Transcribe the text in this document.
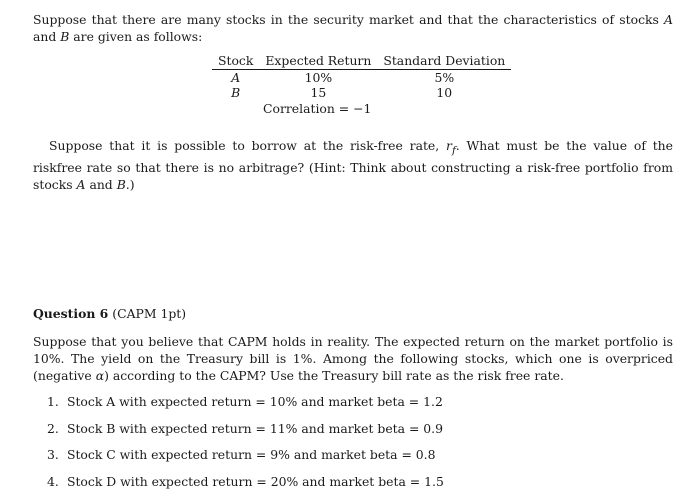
Suppose that there are many stocks in the security market and that the characteristics of stocks A and B are given as follows:
Stock	Expected Return	Standard Deviation
A	10%	5%
B	15	10
Correlation = −1
Suppose that it is possible to borrow at the risk-free rate, $r_f$. What must be the value of the riskfree rate so that there is no arbitrage? (Hint: Think about constructing a risk-free portfolio from stocks A and B.)
Question 6 (CAPM 1pt)
Suppose that you believe that CAPM holds in reality. The expected return on the market portfolio is 10%. The yield on the Treasury bill is 1%. Among the following stocks, which one is overpriced (negative α) according to the CAPM? Use the Treasury bill rate as the risk free rate.
1. Stock A with expected return = 10% and market beta = 1.2
2. Stock B with expected return = 11% and market beta = 0.9
3. Stock C with expected return = 9% and market beta = 0.8
4. Stock D with expected return = 20% and market beta = 1.5
